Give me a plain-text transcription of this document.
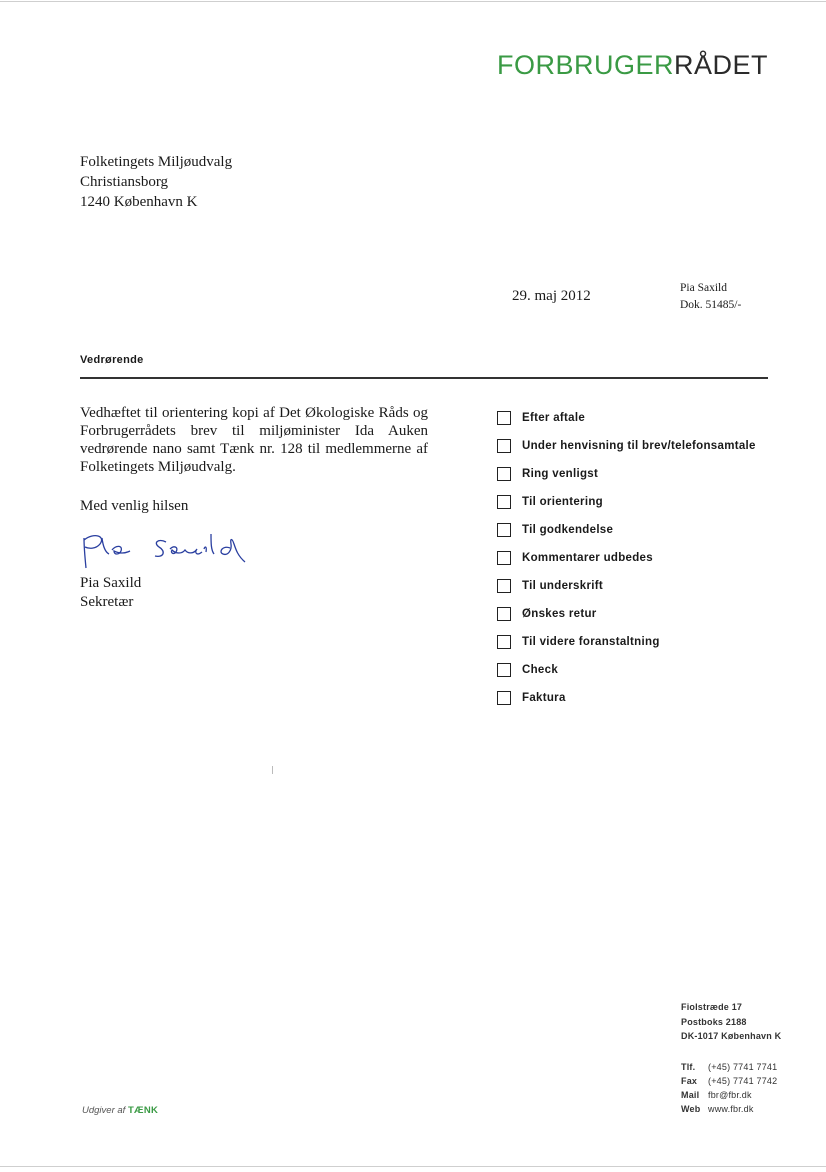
FORBRUGERRÅDET
Folketingets Miljøudvalg
Christiansborg
1240 København K
29. maj 2012	Pia Saxild
Dok. 51485/-
Vedrørende
Vedhæftet til orientering kopi af Det Økologiske Råds og Forbrugerrådets brev til miljøminister Ida Auken vedrørende nano samt Tænk nr. 128 til medlemmerne af Folketingets Miljøudvalg.
Med venlig hilsen
Pia Saxild
Sekretær
Efter aftale
Under henvisning til brev/telefonsamtale
Ring venligst
Til orientering
Til godkendelse
Kommentarer udbedes
Til underskrift
Ønskes retur
Til videre foranstaltning
Check
Faktura
Fiolstræde 17
Postboks 2188
DK-1017 København K
Tlf. (+45) 7741 7741
Fax (+45) 7741 7742
Mail fbr@fbr.dk
Web www.fbr.dk
Udgiver af TÆNK
